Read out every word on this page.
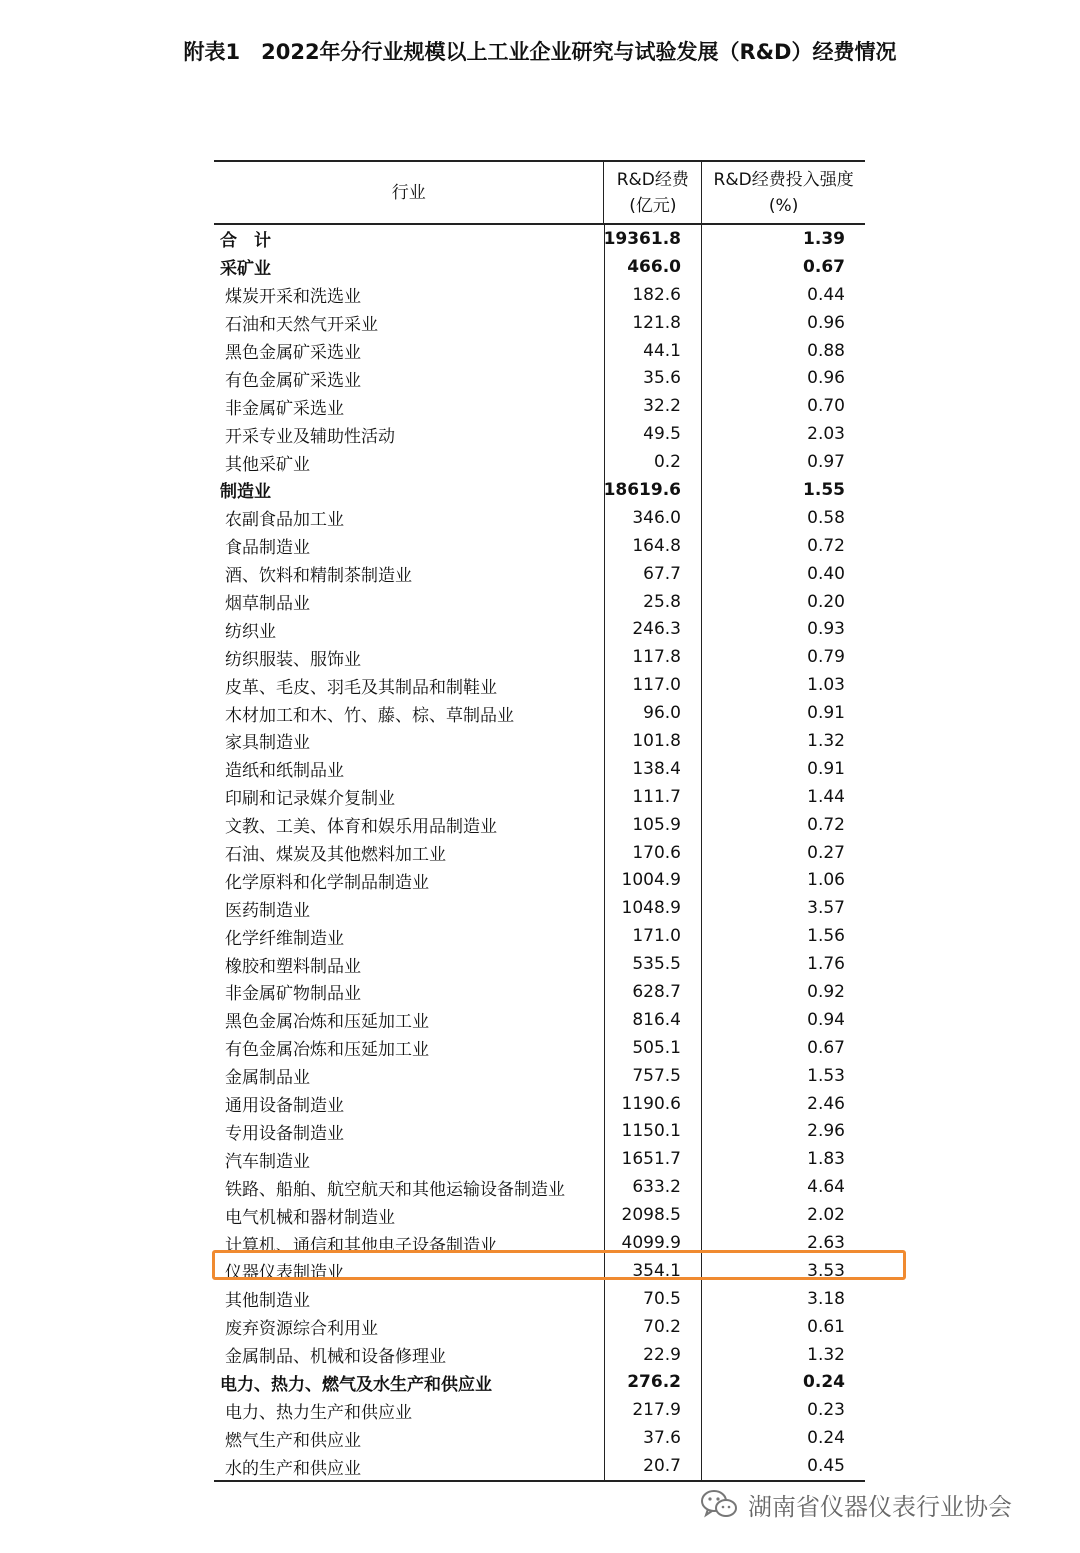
附表1　2022年分行业规模以上工业企业研究与试验发展（R&D）经费情况
行业
R&D经费
(亿元)
R&D经费投入强度
(%)
合　计	19361.8	1.39
采矿业	466.0	0.67
煤炭开采和洗选业	182.6	0.44
石油和天然气开采业	121.8	0.96
黑色金属矿采选业	44.1	0.88
有色金属矿采选业	35.6	0.96
非金属矿采选业	32.2	0.70
开采专业及辅助性活动	49.5	2.03
其他采矿业	0.2	0.97
制造业	18619.6	1.55
农副食品加工业	346.0	0.58
食品制造业	164.8	0.72
酒、饮料和精制茶制造业	67.7	0.40
烟草制品业	25.8	0.20
纺织业	246.3	0.93
纺织服装、服饰业	117.8	0.79
皮革、毛皮、羽毛及其制品和制鞋业	117.0	1.03
木材加工和木、竹、藤、棕、草制品业	96.0	0.91
家具制造业	101.8	1.32
造纸和纸制品业	138.4	0.91
印刷和记录媒介复制业	111.7	1.44
文教、工美、体育和娱乐用品制造业	105.9	0.72
石油、煤炭及其他燃料加工业	170.6	0.27
化学原料和化学制品制造业	1004.9	1.06
医药制造业	1048.9	3.57
化学纤维制造业	171.0	1.56
橡胶和塑料制品业	535.5	1.76
非金属矿物制品业	628.7	0.92
黑色金属冶炼和压延加工业	816.4	0.94
有色金属冶炼和压延加工业	505.1	0.67
金属制品业	757.5	1.53
通用设备制造业	1190.6	2.46
专用设备制造业	1150.1	2.96
汽车制造业	1651.7	1.83
铁路、船舶、航空航天和其他运输设备制造业	633.2	4.64
电气机械和器材制造业	2098.5	2.02
计算机、通信和其他电子设备制造业	4099.9	2.63
仪器仪表制造业	354.1	3.53
其他制造业	70.5	3.18
废弃资源综合利用业	70.2	0.61
金属制品、机械和设备修理业	22.9	1.32
电力、热力、燃气及水生产和供应业	276.2	0.24
电力、热力生产和供应业	217.9	0.23
燃气生产和供应业	37.6	0.24
水的生产和供应业	20.7	0.45
湖南省仪器仪表行业协会
